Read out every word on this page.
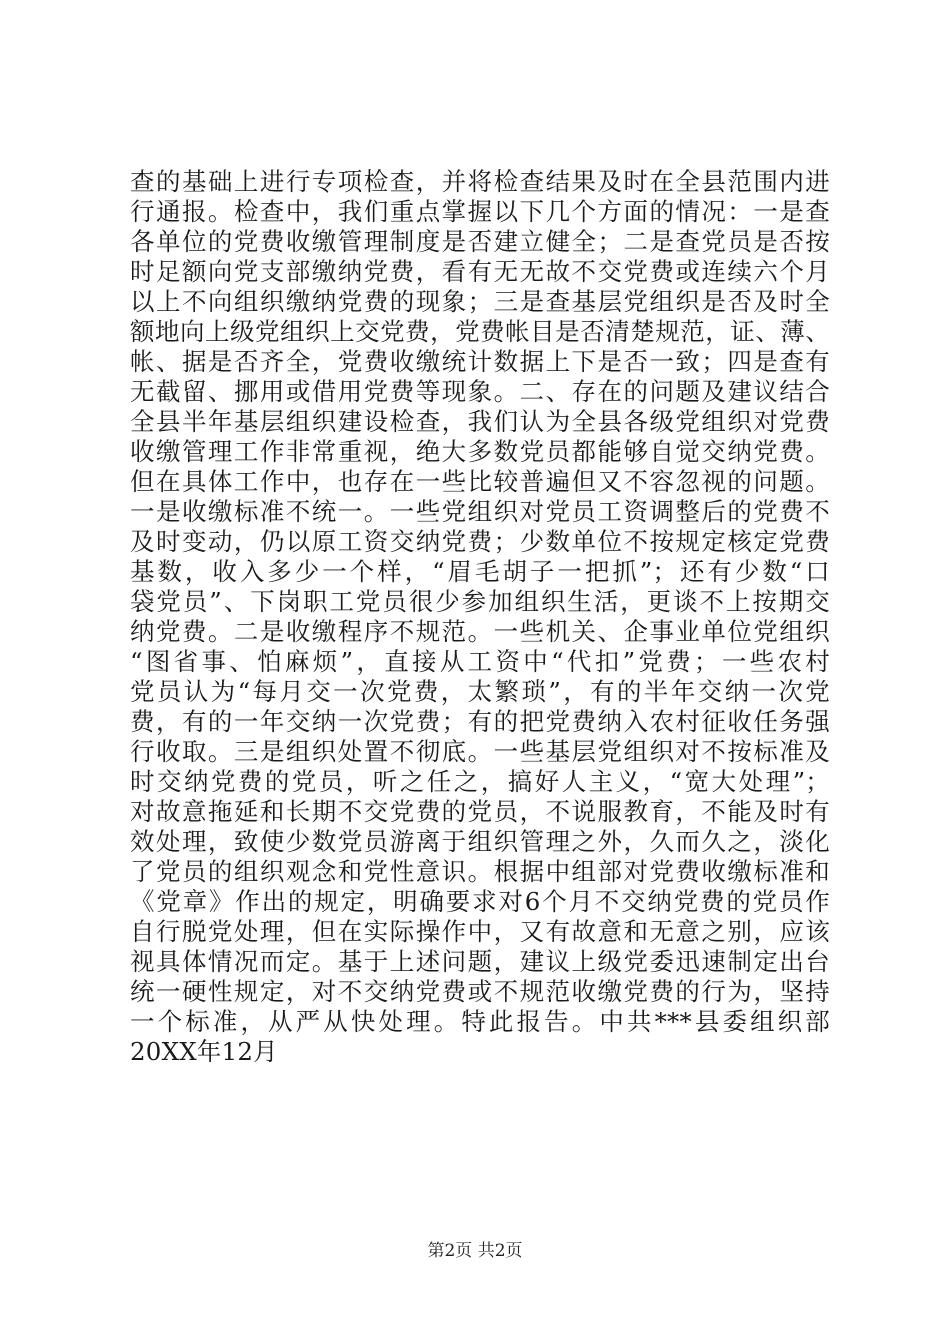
查的基础上进行专项检查，并将检查结果及时在全县范围内进
行通报。检查中，我们重点掌握以下几个方面的情况：一是查
各单位的党费收缴管理制度是否建立健全；二是查党员是否按
时足额向党支部缴纳党费，看有无无故不交党费或连续六个月
以上不向组织缴纳党费的现象；三是查基层党组织是否及时全
额地向上级党组织上交党费，党费帐目是否清楚规范，证、薄、
帐、据是否齐全，党费收缴统计数据上下是否一致；四是查有
无截留、挪用或借用党费等现象。二、存在的问题及建议结合
全县半年基层组织建设检查，我们认为全县各级党组织对党费
收缴管理工作非常重视，绝大多数党员都能够自觉交纳党费。
但在具体工作中，也存在一些比较普遍但又不容忽视的问题。
一是收缴标准不统一。一些党组织对党员工资调整后的党费不
及时变动，仍以原工资交纳党费；少数单位不按规定核定党费
基数，收入多少一个样，“眉毛胡子一把抓”；还有少数“口
袋党员”、下岗职工党员很少参加组织生活，更谈不上按期交
纳党费。二是收缴程序不规范。一些机关、企事业单位党组织
“图省事、怕麻烦”，直接从工资中“代扣”党费；一些农村
党员认为“每月交一次党费，太繁琐”，有的半年交纳一次党
费，有的一年交纳一次党费；有的把党费纳入农村征收任务强
行收取。三是组织处置不彻底。一些基层党组织对不按标准及
时交纳党费的党员，听之任之，搞好人主义，“宽大处理”；
对故意拖延和长期不交党费的党员，不说服教育，不能及时有
效处理，致使少数党员游离于组织管理之外，久而久之，淡化
了党员的组织观念和党性意识。根据中组部对党费收缴标准和
《党章》作出的规定，明确要求对6个月不交纳党费的党员作
自行脱党处理，但在实际操作中，又有故意和无意之别，应该
视具体情况而定。基于上述问题，建议上级党委迅速制定出台
统一硬性规定，对不交纳党费或不规范收缴党费的行为，坚持
一个标准，从严从快处理。特此报告。中共***县委组织部
20XX年12月
第2页 共2页
